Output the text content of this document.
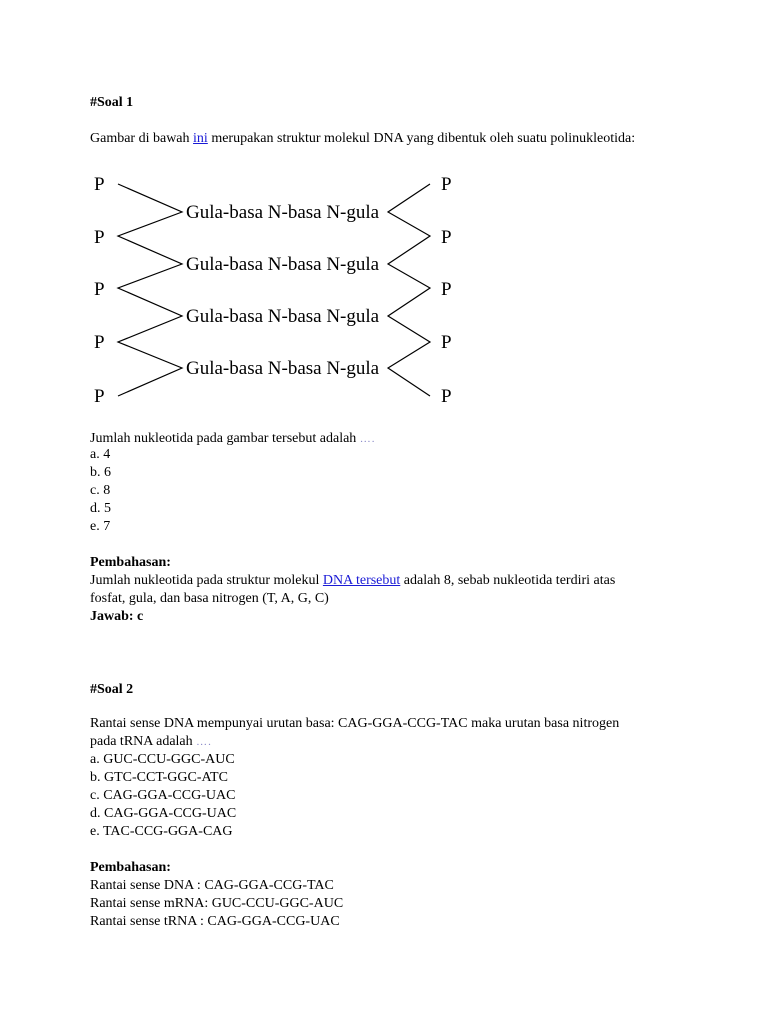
#Soal 1
Gambar di bawah ini merupakan struktur molekul DNA yang dibentuk oleh suatu polinukleotida:
P
P
P
P
P
P
P
P
P
P
Gula-basa N-basa N-gula
Gula-basa N-basa N-gula
Gula-basa N-basa N-gula
Gula-basa N-basa N-gula
Jumlah nukleotida pada gambar tersebut adalah ….
a. 4
b. 6
c. 8
d. 5
e. 7
Pembahasan:
Jumlah nukleotida pada struktur molekul DNA tersebut adalah 8, sebab nukleotida terdiri atas
fosfat, gula, dan basa nitrogen (T, A, G, C)
Jawab: c
#Soal 2
Rantai sense DNA mempunyai urutan basa: CAG-GGA-CCG-TAC maka urutan basa nitrogen
pada tRNA adalah ….
a. GUC-CCU-GGC-AUC
b. GTC-CCT-GGC-ATC
c. CAG-GGA-CCG-UAC
d. CAG-GGA-CCG-UAC
e. TAC-CCG-GGA-CAG
Pembahasan:
Rantai sense DNA : CAG-GGA-CCG-TAC
Rantai sense mRNA: GUC-CCU-GGC-AUC
Rantai sense tRNA : CAG-GGA-CCG-UAC
